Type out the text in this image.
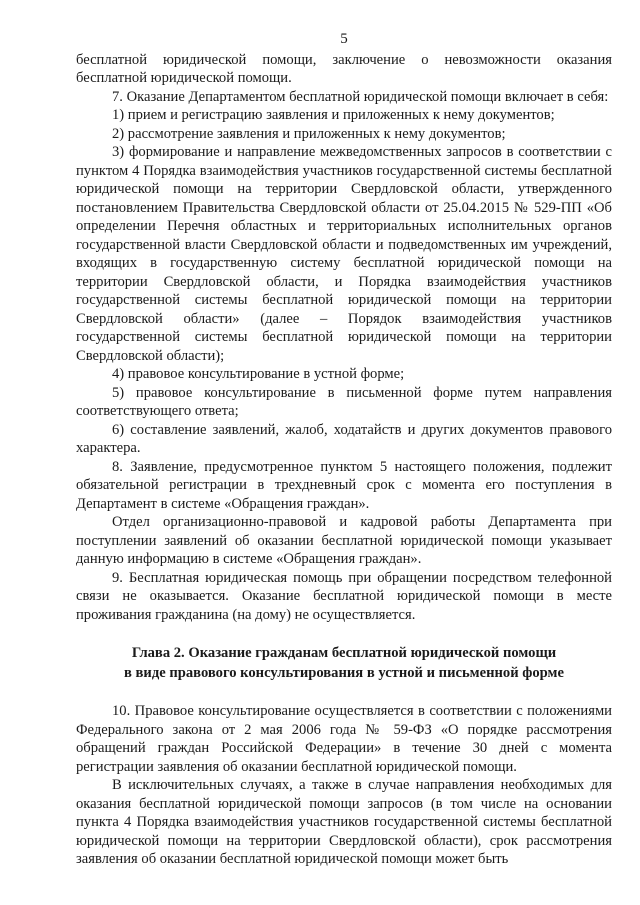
5

бесплатной юридической помощи, заключение о невозможности оказания бесплатной юридической помощи.

7. Оказание Департаментом бесплатной юридической помощи включает в себя:

1) прием и регистрацию заявления и приложенных к нему документов;

2) рассмотрение заявления и приложенных к нему документов;

3) формирование и направление межведомственных запросов в соответствии с пунктом 4 Порядка взаимодействия участников государственной системы бесплатной юридической помощи на территории Свердловской области, утвержденного постановлением Правительства Свердловской области от 25.04.2015 № 529-ПП «Об определении Перечня областных и территориальных исполнительных органов государственной власти Свердловской области и подведомственных им учреждений, входящих в государственную систему бесплатной юридической помощи на территории Свердловской области, и Порядка взаимодействия участников государственной системы бесплатной юридической помощи на территории Свердловской области» (далее – Порядок взаимодействия участников государственной системы бесплатной юридической помощи на территории Свердловской области);

4) правовое консультирование в устной форме;

5) правовое консультирование в письменной форме путем направления соответствующего ответа;

6) составление заявлений, жалоб, ходатайств и других документов правового характера.

8. Заявление, предусмотренное пунктом 5 настоящего положения, подлежит обязательной регистрации в трехдневный срок с момента его поступления в Департамент в системе «Обращения граждан».

Отдел организационно-правовой и кадровой работы Департамента при поступлении заявлений об оказании бесплатной юридической помощи указывает данную информацию в системе «Обращения граждан».

9. Бесплатная юридическая помощь при обращении посредством телефонной связи не оказывается. Оказание бесплатной юридической помощи в месте проживания гражданина (на дому) не осуществляется.

Глава 2. Оказание гражданам бесплатной юридической помощи
в виде правового консультирования в устной и письменной форме

10. Правовое консультирование осуществляется в соответствии с положениями Федерального закона от 2 мая 2006 года № 59-ФЗ «О порядке рассмотрения обращений граждан Российской Федерации» в течение 30 дней с момента регистрации заявления об оказании бесплатной юридической помощи.

В исключительных случаях, а также в случае направления необходимых для оказания бесплатной юридической помощи запросов (в том числе на основании пункта 4 Порядка взаимодействия участников государственной системы бесплатной юридической помощи на территории Свердловской области), срок рассмотрения заявления об оказании бесплатной юридической помощи может быть
